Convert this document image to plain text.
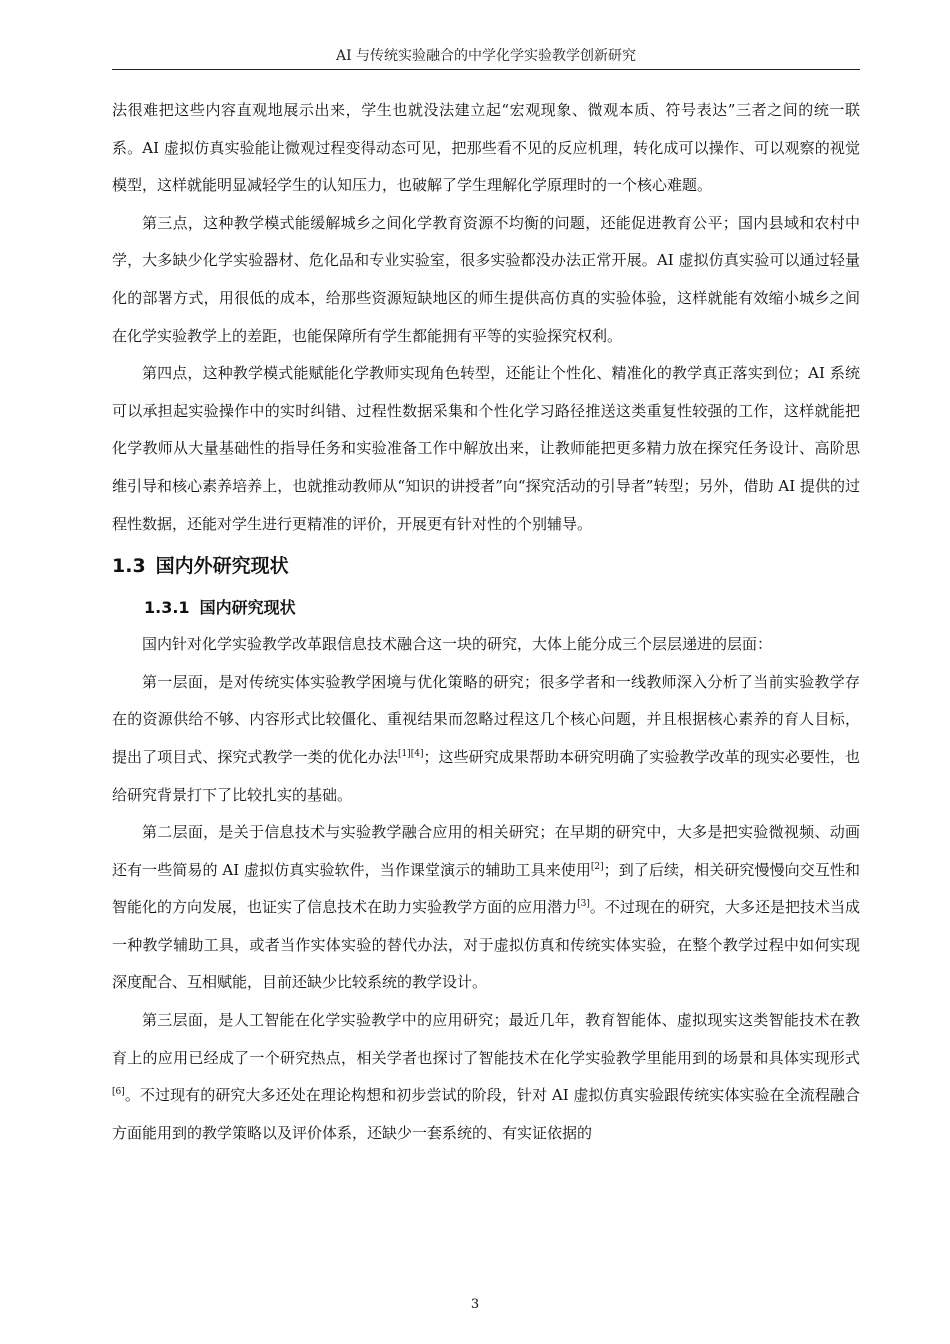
AI 与传统实验融合的中学化学实验教学创新研究

法很难把这些内容直观地展示出来，学生也就没法建立起“宏观现象、微观本质、符号表达”三者之间的统一联系。AI 虚拟仿真实验能让微观过程变得动态可见，把那些看不见的反应机理，转化成可以操作、可以观察的视觉模型，这样就能明显减轻学生的认知压力，也破解了学生理解化学原理时的一个核心难题。

第三点，这种教学模式能缓解城乡之间化学教育资源不均衡的问题，还能促进教育公平；国内县域和农村中学，大多缺少化学实验器材、危化品和专业实验室，很多实验都没办法正常开展。AI 虚拟仿真实验可以通过轻量化的部署方式，用很低的成本，给那些资源短缺地区的师生提供高仿真的实验体验，这样就能有效缩小城乡之间在化学实验教学上的差距，也能保障所有学生都能拥有平等的实验探究权利。

第四点，这种教学模式能赋能化学教师实现角色转型，还能让个性化、精准化的教学真正落实到位；AI 系统可以承担起实验操作中的实时纠错、过程性数据采集和个性化学习路径推送这类重复性较强的工作，这样就能把化学教师从大量基础性的指导任务和实验准备工作中解放出来，让教师能把更多精力放在探究任务设计、高阶思维引导和核心素养培养上，也就推动教师从“知识的讲授者”向“探究活动的引导者”转型；另外，借助 AI 提供的过程性数据，还能对学生进行更精准的评价，开展更有针对性的个别辅导。

1.3 国内外研究现状
1.3.1 国内研究现状

国内针对化学实验教学改革跟信息技术融合这一块的研究，大体上能分成三个层层递进的层面：

第一层面，是对传统实体实验教学困境与优化策略的研究；很多学者和一线教师深入分析了当前实验教学存在的资源供给不够、内容形式比较僵化、重视结果而忽略过程这几个核心问题，并且根据核心素养的育人目标，提出了项目式、探究式教学一类的优化办法[1][4]；这些研究成果帮助本研究明确了实验教学改革的现实必要性，也给研究背景打下了比较扎实的基础。

第二层面，是关于信息技术与实验教学融合应用的相关研究；在早期的研究中，大多是把实验微视频、动画还有一些简易的 AI 虚拟仿真实验软件，当作课堂演示的辅助工具来使用[2]；到了后续，相关研究慢慢向交互性和智能化的方向发展，也证实了信息技术在助力实验教学方面的应用潜力[3]。不过现在的研究，大多还是把技术当成一种教学辅助工具，或者当作实体实验的替代办法，对于虚拟仿真和传统实体实验，在整个教学过程中如何实现深度配合、互相赋能，目前还缺少比较系统的教学设计。

第三层面，是人工智能在化学实验教学中的应用研究；最近几年，教育智能体、虚拟现实这类智能技术在教育上的应用已经成了一个研究热点，相关学者也探讨了智能技术在化学实验教学里能用到的场景和具体实现形式[6]。不过现有的研究大多还处在理论构想和初步尝试的阶段，针对 AI 虚拟仿真实验跟传统实体实验在全流程融合方面能用到的教学策略以及评价体系，还缺少一套系统的、有实证依据的

3
